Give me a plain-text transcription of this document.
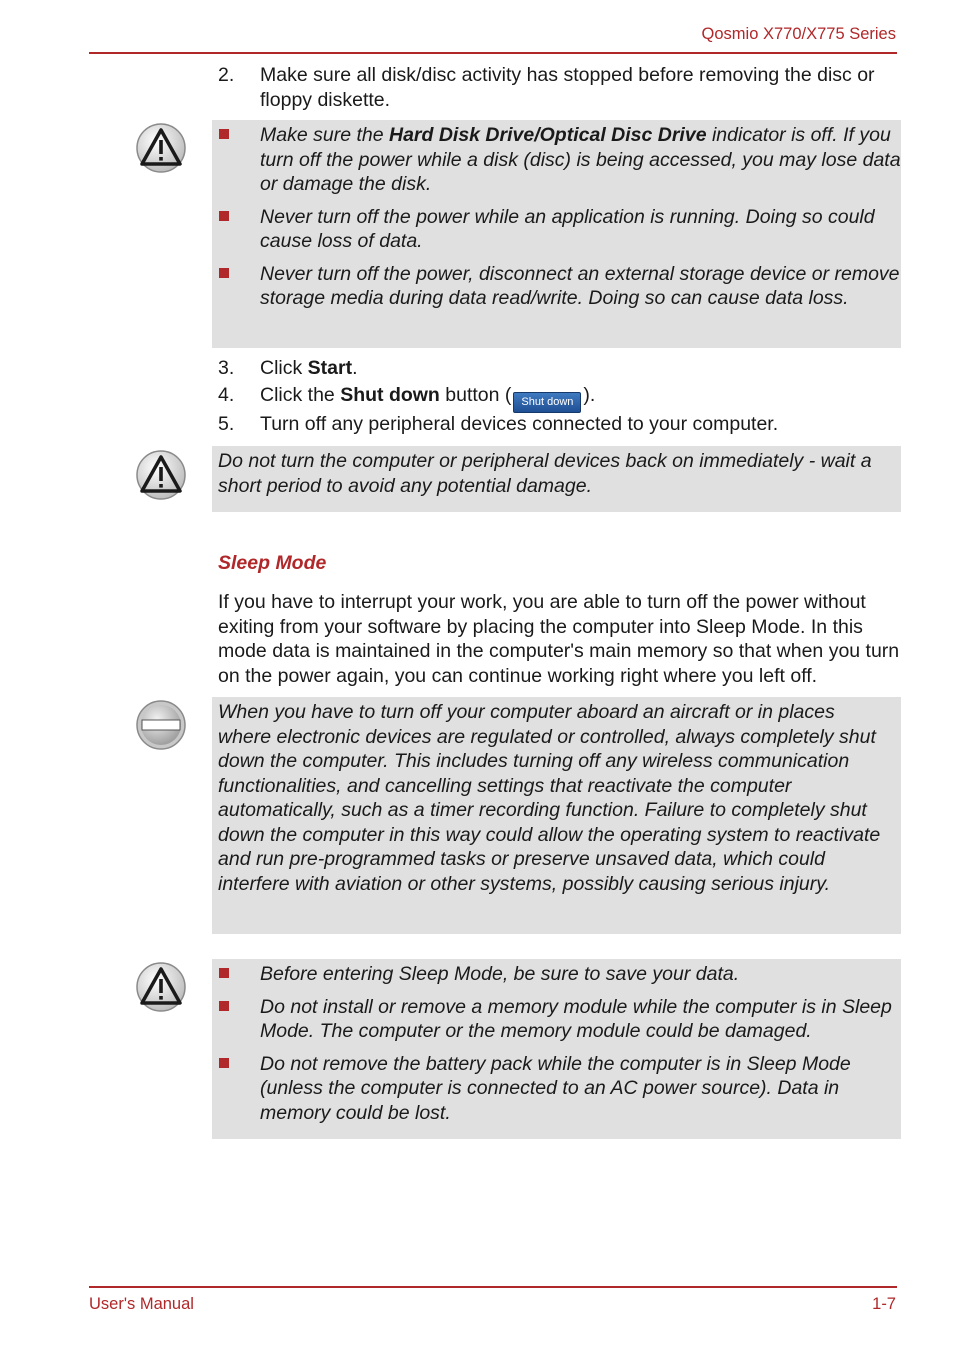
Qosmio X770/X775 Series
2. Make sure all disk/disc activity has stopped before removing the disc or floppy diskette.
Make sure the Hard Disk Drive/Optical Disc Drive indicator is off. If you turn off the power while a disk (disc) is being accessed, you may lose data or damage the disk.
Never turn off the power while an application is running. Doing so could cause loss of data.
Never turn off the power, disconnect an external storage device or remove storage media during data read/write. Doing so can cause data loss.
3. Click Start.
4. Click the Shut down button ( Shut down ).
5. Turn off any peripheral devices connected to your computer.
Do not turn the computer or peripheral devices back on immediately - wait a short period to avoid any potential damage.
Sleep Mode
If you have to interrupt your work, you are able to turn off the power without exiting from your software by placing the computer into Sleep Mode. In this mode data is maintained in the computer's main memory so that when you turn on the power again, you can continue working right where you left off.
When you have to turn off your computer aboard an aircraft or in places where electronic devices are regulated or controlled, always completely shut down the computer. This includes turning off any wireless communication functionalities, and cancelling settings that reactivate the computer automatically, such as a timer recording function. Failure to completely shut down the computer in this way could allow the operating system to reactivate and run pre-programmed tasks or preserve unsaved data, which could interfere with aviation or other systems, possibly causing serious injury.
Before entering Sleep Mode, be sure to save your data.
Do not install or remove a memory module while the computer is in Sleep Mode. The computer or the memory module could be damaged.
Do not remove the battery pack while the computer is in Sleep Mode (unless the computer is connected to an AC power source). Data in memory could be lost.
User's Manual	1-7
